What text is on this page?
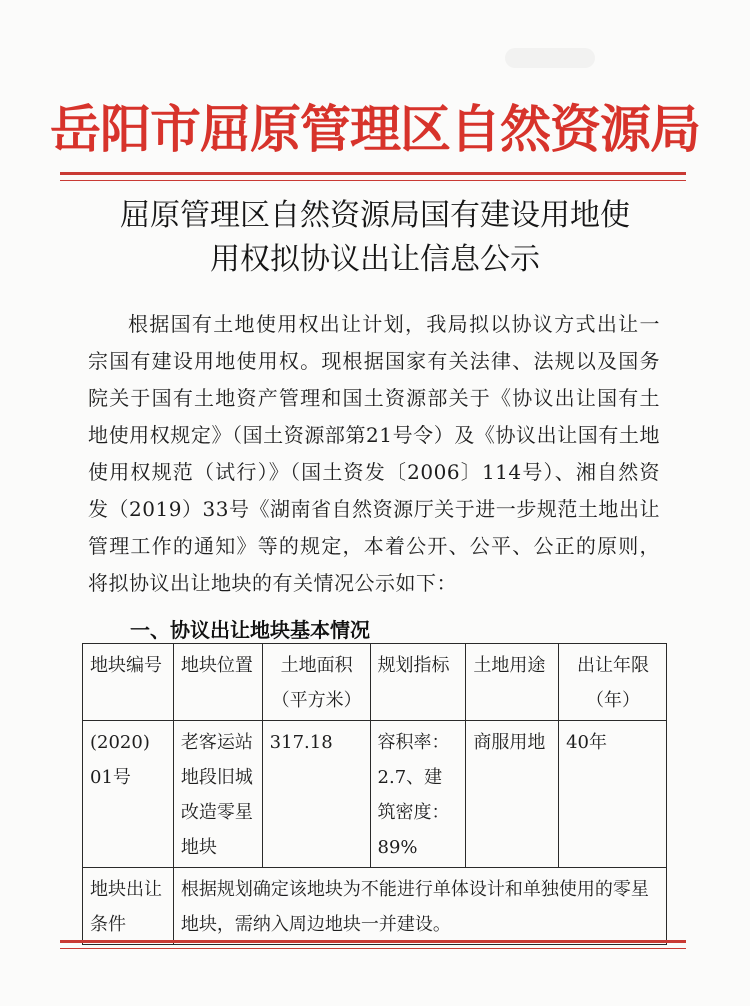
岳阳市屈原管理区自然资源局
屈原管理区自然资源局国有建设用地使
用权拟协议出让信息公示

根据国有土地使用权出让计划，我局拟以协议方式出让一宗国有建设用地使用权。现根据国家有关法律、法规以及国务院关于国有土地资产管理和国土资源部关于《协议出让国有土地使用权规定》（国土资源部第21号令）及《协议出让国有土地使用权规范（试行）》（国土资发〔2006〕114号）、湘自然资发（2019）33号《湖南省自然资源厅关于进一步规范土地出让管理工作的通知》等的规定，本着公开、公平、公正的原则，将拟协议出让地块的有关情况公示如下：

一、协议出让地块基本情况
地块编号	地块位置	土地面积（平方米）	规划指标	土地用途	出让年限（年）
(2020) 01号	老客运站地段旧城改造零星地块	317.18	容积率：2.7、建筑密度：89%	商服用地	40年
地块出让条件	根据规划确定该地块为不能进行单体设计和单独使用的零星地块，需纳入周边地块一并建设。				
